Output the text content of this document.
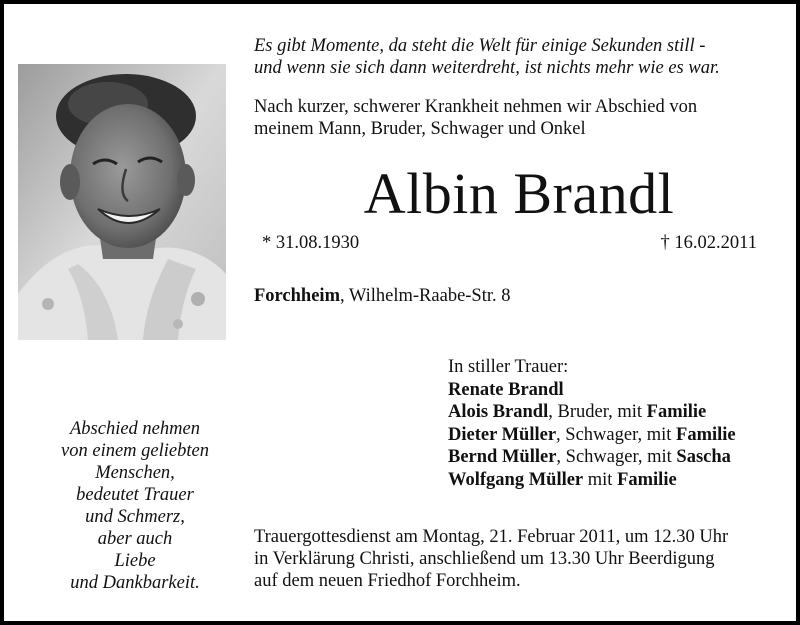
Es gibt Momente, da steht die Welt für einige Sekunden still -
und wenn sie sich dann weiterdreht, ist nichts mehr wie es war.
Nach kurzer, schwerer Krankheit nehmen wir Abschied von
meinem Mann, Bruder, Schwager und Onkel
Albin Brandl
* 31.08.1930	† 16.02.2011
Forchheim, Wilhelm-Raabe-Str. 8
In stiller Trauer:
Renate Brandl
Alois Brandl, Bruder, mit Familie
Dieter Müller, Schwager, mit Familie
Bernd Müller, Schwager, mit Sascha
Wolfgang Müller mit Familie
Abschied nehmen
von einem geliebten
Menschen,
bedeutet Trauer
und Schmerz,
aber auch
Liebe
und Dankbarkeit.
Trauergottesdienst am Montag, 21. Februar 2011, um 12.30 Uhr
in Verklärung Christi, anschließend um 13.30 Uhr Beerdigung
auf dem neuen Friedhof Forchheim.
